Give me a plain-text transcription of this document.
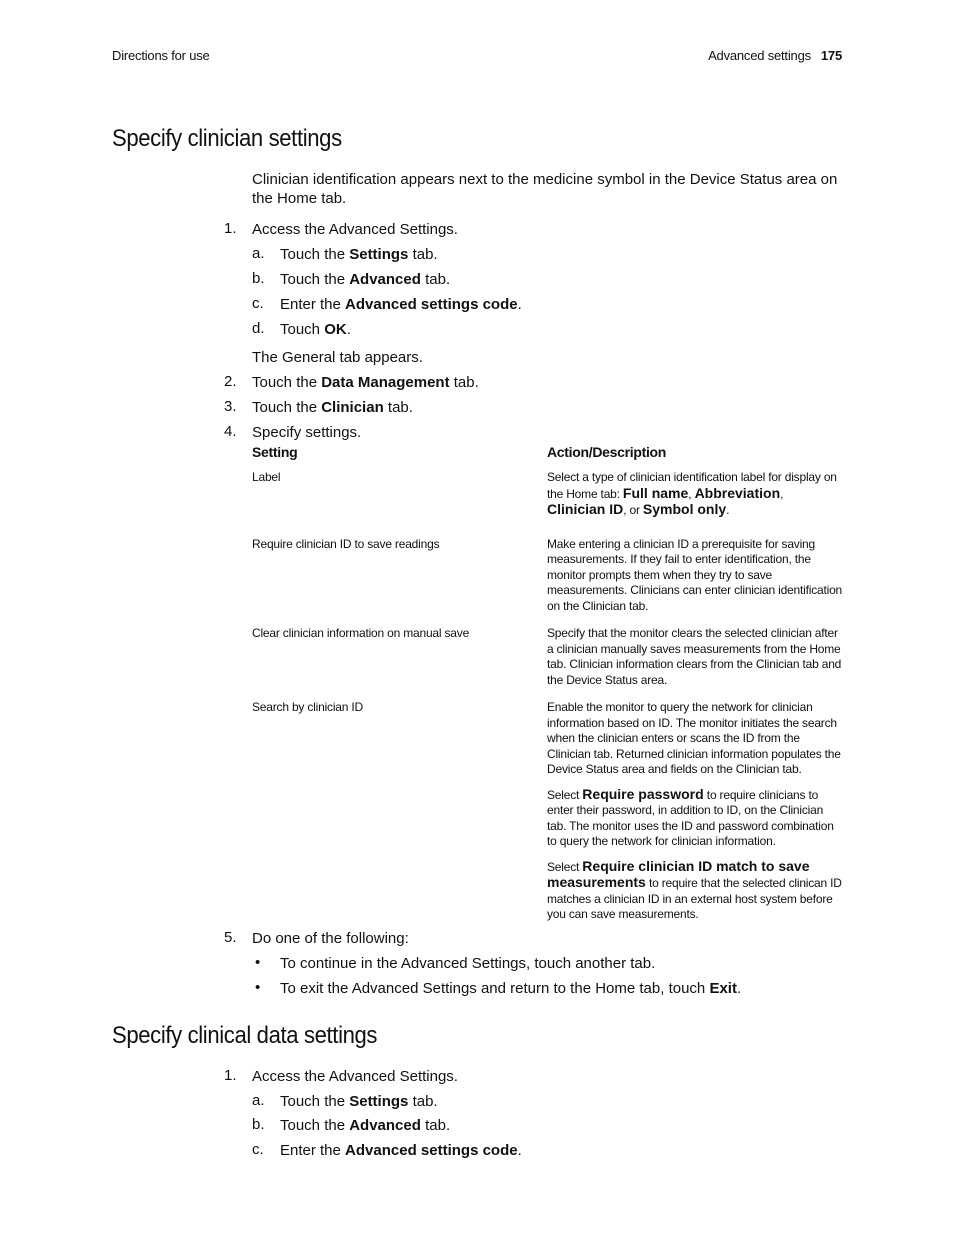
Directions for use	Advanced settings 175
Specify clinician settings
Clinician identification appears next to the medicine symbol in the Device Status area on the Home tab.
1. Access the Advanced Settings.
a. Touch the Settings tab.
b. Touch the Advanced tab.
c. Enter the Advanced settings code.
d. Touch OK.
The General tab appears.
2. Touch the Data Management tab.
3. Touch the Clinician tab.
4. Specify settings.
Setting	Action/Description
Label	Select a type of clinician identification label for display on the Home tab: Full name, Abbreviation, Clinician ID, or Symbol only.
Require clinician ID to save readings	Make entering a clinician ID a prerequisite for saving measurements. If they fail to enter identification, the monitor prompts them when they try to save measurements. Clinicians can enter clinician identification on the Clinician tab.
Clear clinician information on manual save	Specify that the monitor clears the selected clinician after a clinician manually saves measurements from the Home tab. Clinician information clears from the Clinician tab and the Device Status area.
Search by clinician ID	Enable the monitor to query the network for clinician information based on ID. The monitor initiates the search when the clinician enters or scans the ID from the Clinician tab. Returned clinician information populates the Device Status area and fields on the Clinician tab.

Select Require password to require clinicians to enter their password, in addition to ID, on the Clinician tab. The monitor uses the ID and password combination to query the network for clinician information.

Select Require clinician ID match to save measurements to require that the selected clinican ID matches a clinician ID in an external host system before you can save measurements.

5. Do one of the following:
• To continue in the Advanced Settings, touch another tab.
• To exit the Advanced Settings and return to the Home tab, touch Exit.
Specify clinical data settings
1. Access the Advanced Settings.
a. Touch the Settings tab.
b. Touch the Advanced tab.
c. Enter the Advanced settings code.
